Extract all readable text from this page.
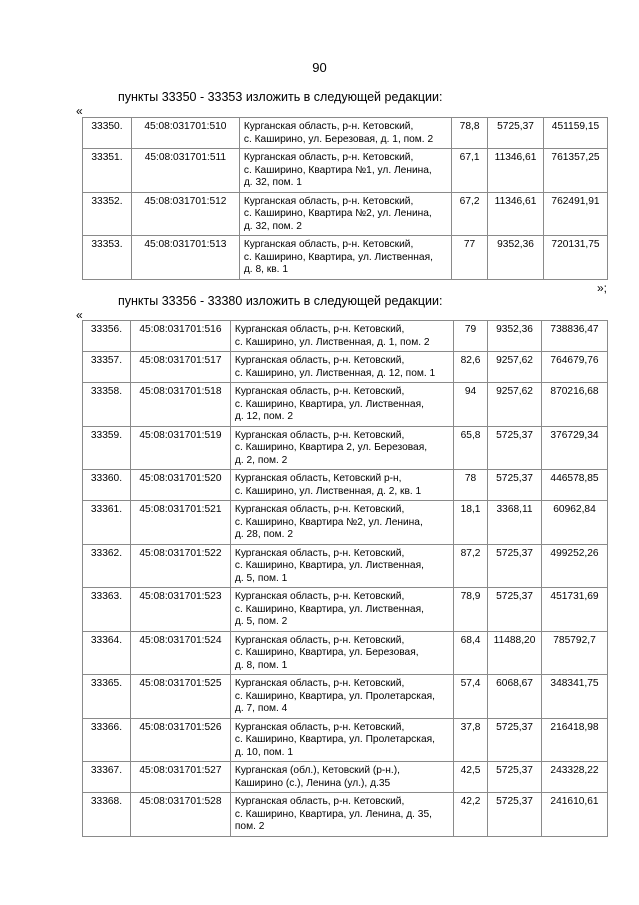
90
пункты 33350 - 33353 изложить в следующей редакции:
«
33350.	45:08:031701:510	Курганская область, р-н. Кетовский,
с. Каширино, ул. Березовая, д. 1, пом. 2	78,8	5725,37	451159,15
33351.	45:08:031701:511	Курганская область, р-н. Кетовский,
с. Каширино, Квартира №1, ул. Ленина,
д. 32, пом. 1	67,1	11346,61	761357,25
33352.	45:08:031701:512	Курганская область, р-н. Кетовский,
с. Каширино, Квартира №2, ул. Ленина,
д. 32, пом. 2	67,2	11346,61	762491,91
33353.	45:08:031701:513	Курганская область, р-н. Кетовский,
с. Каширино, Квартира, ул. Лиственная,
д. 8, кв. 1	77	9352,36	720131,75
»;
пункты 33356 - 33380 изложить в следующей редакции:
«
33356.	45:08:031701:516	Курганская область, р-н. Кетовский,
с. Каширино, ул. Лиственная, д. 1, пом. 2	79	9352,36	738836,47
33357.	45:08:031701:517	Курганская область, р-н. Кетовский,
с. Каширино, ул. Лиственная, д. 12, пом. 1	82,6	9257,62	764679,76
33358.	45:08:031701:518	Курганская область, р-н. Кетовский,
с. Каширино, Квартира, ул. Лиственная,
д. 12, пом. 2	94	9257,62	870216,68
33359.	45:08:031701:519	Курганская область, р-н. Кетовский,
с. Каширино, Квартира 2, ул. Березовая,
д. 2, пом. 2	65,8	5725,37	376729,34
33360.	45:08:031701:520	Курганская область, Кетовский р-н,
с. Каширино, ул. Лиственная, д. 2, кв. 1	78	5725,37	446578,85
33361.	45:08:031701:521	Курганская область, р-н. Кетовский,
с. Каширино, Квартира №2, ул. Ленина,
д. 28, пом. 2	18,1	3368,11	60962,84
33362.	45:08:031701:522	Курганская область, р-н. Кетовский,
с. Каширино, Квартира, ул. Лиственная,
д. 5, пом. 1	87,2	5725,37	499252,26
33363.	45:08:031701:523	Курганская область, р-н. Кетовский,
с. Каширино, Квартира, ул. Лиственная,
д. 5, пом. 2	78,9	5725,37	451731,69
33364.	45:08:031701:524	Курганская область, р-н. Кетовский,
с. Каширино, Квартира, ул. Березовая,
д. 8, пом. 1	68,4	11488,20	785792,7
33365.	45:08:031701:525	Курганская область, р-н. Кетовский,
с. Каширино, Квартира, ул. Пролетарская,
д. 7, пом. 4	57,4	6068,67	348341,75
33366.	45:08:031701:526	Курганская область, р-н. Кетовский,
с. Каширино, Квартира, ул. Пролетарская,
д. 10, пом. 1	37,8	5725,37	216418,98
33367.	45:08:031701:527	Курганская (обл.), Кетовский (р-н.),
Каширино (с.), Ленина (ул.), д.35	42,5	5725,37	243328,22
33368.	45:08:031701:528	Курганская область, р-н. Кетовский,
с. Каширино, Квартира, ул. Ленина, д. 35,
пом. 2	42,2	5725,37	241610,61
